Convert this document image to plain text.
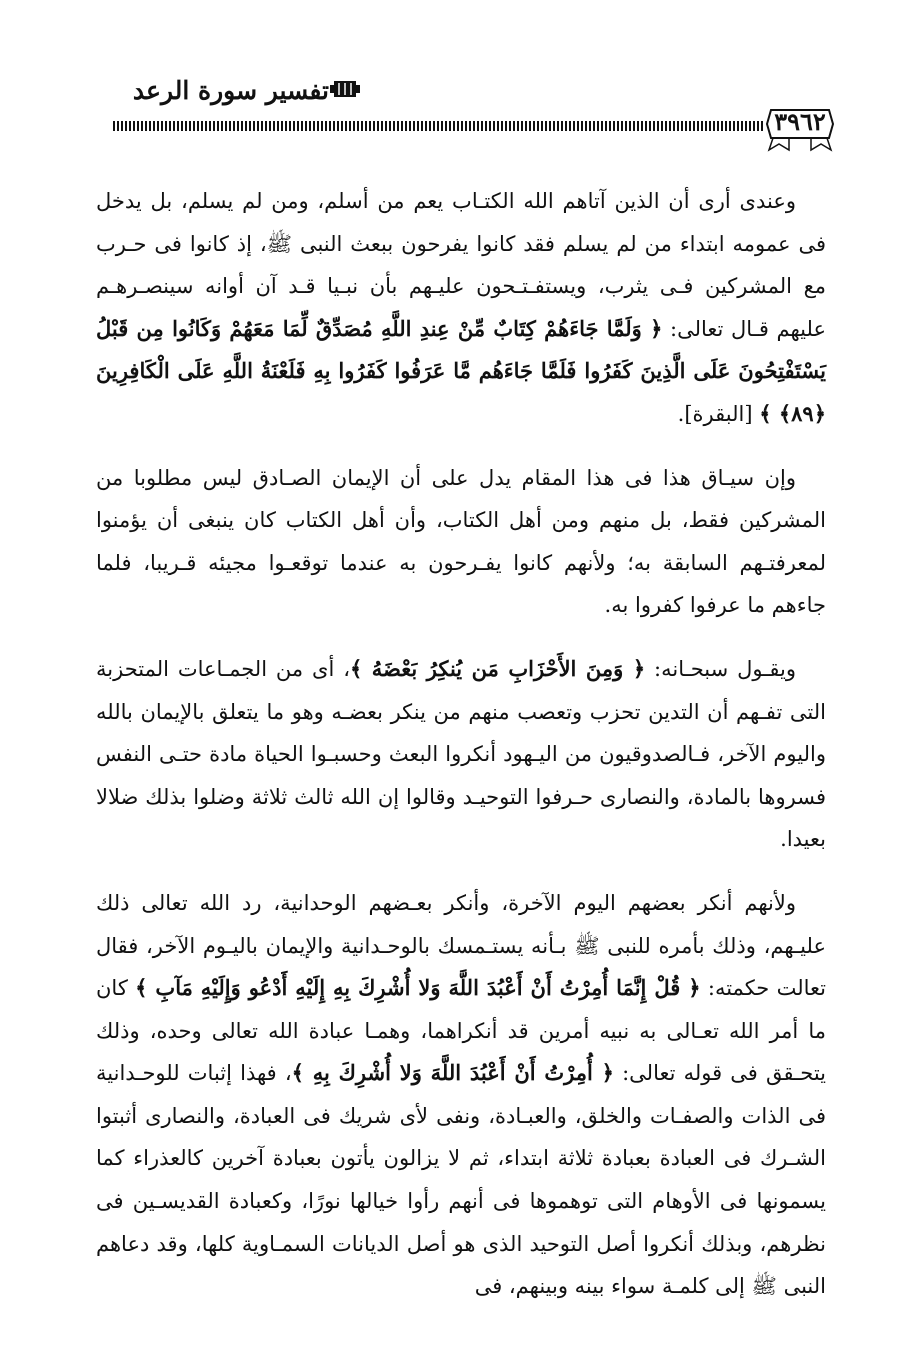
تفسير سورة الرعد
٣٩٦٢

وعندى أرى أن الذين آتاهم الله الكتـاب يعم من أسلم، ومن لم يسلم، بل يدخل فى عمومه ابتداء من لم يسلم فقد كانوا يفرحون ببعث النبى ﷺ، إذ كانوا فى حـرب مع المشركين فـى يثرب، ويستفـتـحون عليـهم بأن نبـيا قـد آن أوانه سينصـرهـم عليهم قـال تعالى: ﴿ وَلَمَّا جَاءَهُمْ كِتَابٌ مِّنْ عِندِ اللَّهِ مُصَدِّقٌ لِّمَا مَعَهُمْ وَكَانُوا مِن قَبْلُ يَسْتَفْتِحُونَ عَلَى الَّذِينَ كَفَرُوا فَلَمَّا جَاءَهُم مَّا عَرَفُوا كَفَرُوا بِهِ فَلَعْنَةُ اللَّهِ عَلَى الْكَافِرِينَ ﴿٨٩﴾ ﴾ [البقرة].

وإن سيـاق هذا فى هذا المقام يدل على أن الإيمان الصـادق ليس مطلوبا من المشركين فقط، بل منهم ومن أهل الكتاب، وأن أهل الكتاب كان ينبغى أن يؤمنوا لمعرفتـهم السابقة به؛ ولأنهم كانوا يفـرحون به عندما توقعـوا مجيئه قـريبا، فلما جاءهم ما عرفوا كفروا به.

ويقـول سبحـانه: ﴿ وَمِنَ الأَحْزَابِ مَن يُنكِرُ بَعْضَهُ ﴾، أى من الجمـاعات المتحزبة التى تفـهم أن التدين تحزب وتعصب منهم من ينكر بعضـه وهو ما يتعلق بالإيمان بالله واليوم الآخر، فـالصدوقيون من اليـهود أنكروا البعث وحسبـوا الحياة مادة حتـى النفس فسروها بالمادة، والنصارى حـرفوا التوحيـد وقالوا إن الله ثالث ثلاثة وضلوا بذلك ضلالا بعيدا.

ولأنهم أنكر بعضهم اليوم الآخرة، وأنكر بعـضهم الوحدانية، رد الله تعالى ذلك عليـهم، وذلك بأمره للنبى ﷺ بـأنه يستـمسك بالوحـدانية والإيمان باليـوم الآخر، فقال تعالت حكمته: ﴿ قُلْ إِنَّمَا أُمِرْتُ أَنْ أَعْبُدَ اللَّهَ وَلا أُشْرِكَ بِهِ إِلَيْهِ أَدْعُو وَإِلَيْهِ مَآبِ ﴾ كان ما أمر الله تعـالى به نبيه أمرين قد أنكراهما، وهمـا عبادة الله تعالى وحده، وذلك يتحـقق فى قوله تعالى: ﴿ أُمِرْتُ أَنْ أَعْبُدَ اللَّهَ وَلا أُشْرِكَ بِهِ ﴾، فهذا إثبات للوحـدانية فى الذات والصفـات والخلق، والعبـادة، ونفى لأى شريك فى العبادة، والنصارى أثبتوا الشـرك فى العبادة بعبادة ثلاثة ابتداء، ثم لا يزالون يأتون بعبادة آخرين كالعذراء كما يسمونها فى الأوهام التى توهموها فى أنهم رأوا خيالها نورًا، وكعبادة القديسـين فى نظرهم، وبذلك أنكروا أصل التوحيد الذى هو أصل الديانات السمـاوية كلها، وقد دعاهم النبى ﷺ إلى كلمـة سواء بينه وبينهم، فى
